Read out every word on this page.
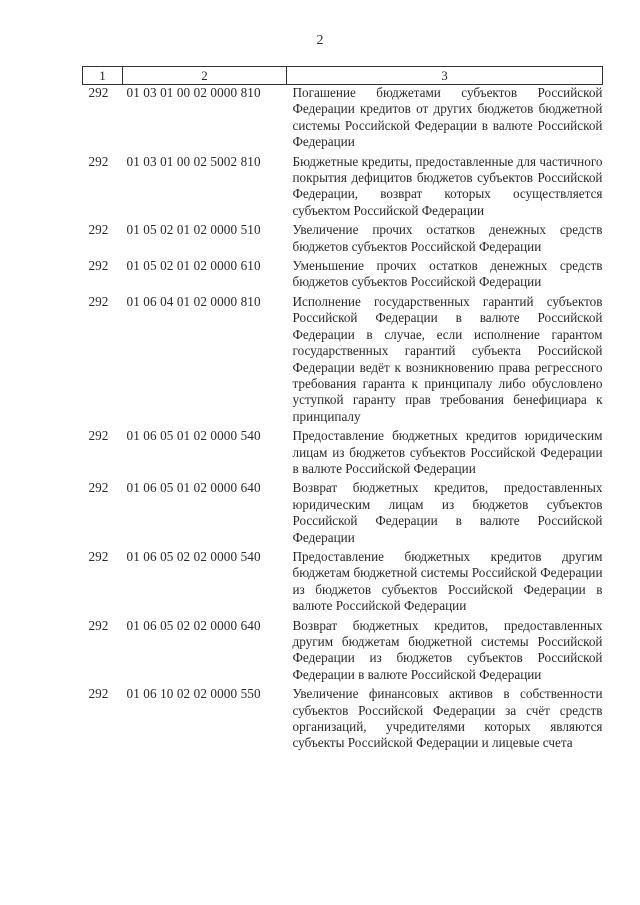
2
1	2	3
292	01 03 01 00 02 0000 810	Погашение бюджетами субъектов Российской Федерации кредитов от других бюджетов бюджетной системы Российской Федерации в валюте Российской Федерации
292	01 03 01 00 02 5002 810	Бюджетные кредиты, предоставленные для частичного покрытия дефицитов бюджетов субъектов Российской Федерации, возврат которых осуществляется субъектом Российской Федерации
292	01 05 02 01 02 0000 510	Увеличение прочих остатков денежных средств бюджетов субъектов Российской Федерации
292	01 05 02 01 02 0000 610	Уменьшение прочих остатков денежных средств бюджетов субъектов Российской Федерации
292	01 06 04 01 02 0000 810	Исполнение государственных гарантий субъектов Российской Федерации в валюте Российской Федерации в случае, если исполнение гарантом государственных гарантий субъекта Российской Федерации ведёт к возникновению права регрессного требования гаранта к принципалу либо обусловлено уступкой гаранту прав требования бенефициара к принципалу
292	01 06 05 01 02 0000 540	Предоставление бюджетных кредитов юридическим лицам из бюджетов субъектов Российской Федерации в валюте Российской Федерации
292	01 06 05 01 02 0000 640	Возврат бюджетных кредитов, предоставленных юридическим лицам из бюджетов субъектов Российской Федерации в валюте Российской Федерации
292	01 06 05 02 02 0000 540	Предоставление бюджетных кредитов другим бюджетам бюджетной системы Российской Федерации из бюджетов субъектов Российской Федерации в валюте Российской Федерации
292	01 06 05 02 02 0000 640	Возврат бюджетных кредитов, предоставленных другим бюджетам бюджетной системы Российской Федерации из бюджетов субъектов Российской Федерации в валюте Российской Федерации
292	01 06 10 02 02 0000 550	Увеличение финансовых активов в собственности субъектов Российской Федерации за счёт средств организаций, учредителями которых являются субъекты Российской Федерации и лицевые счета
